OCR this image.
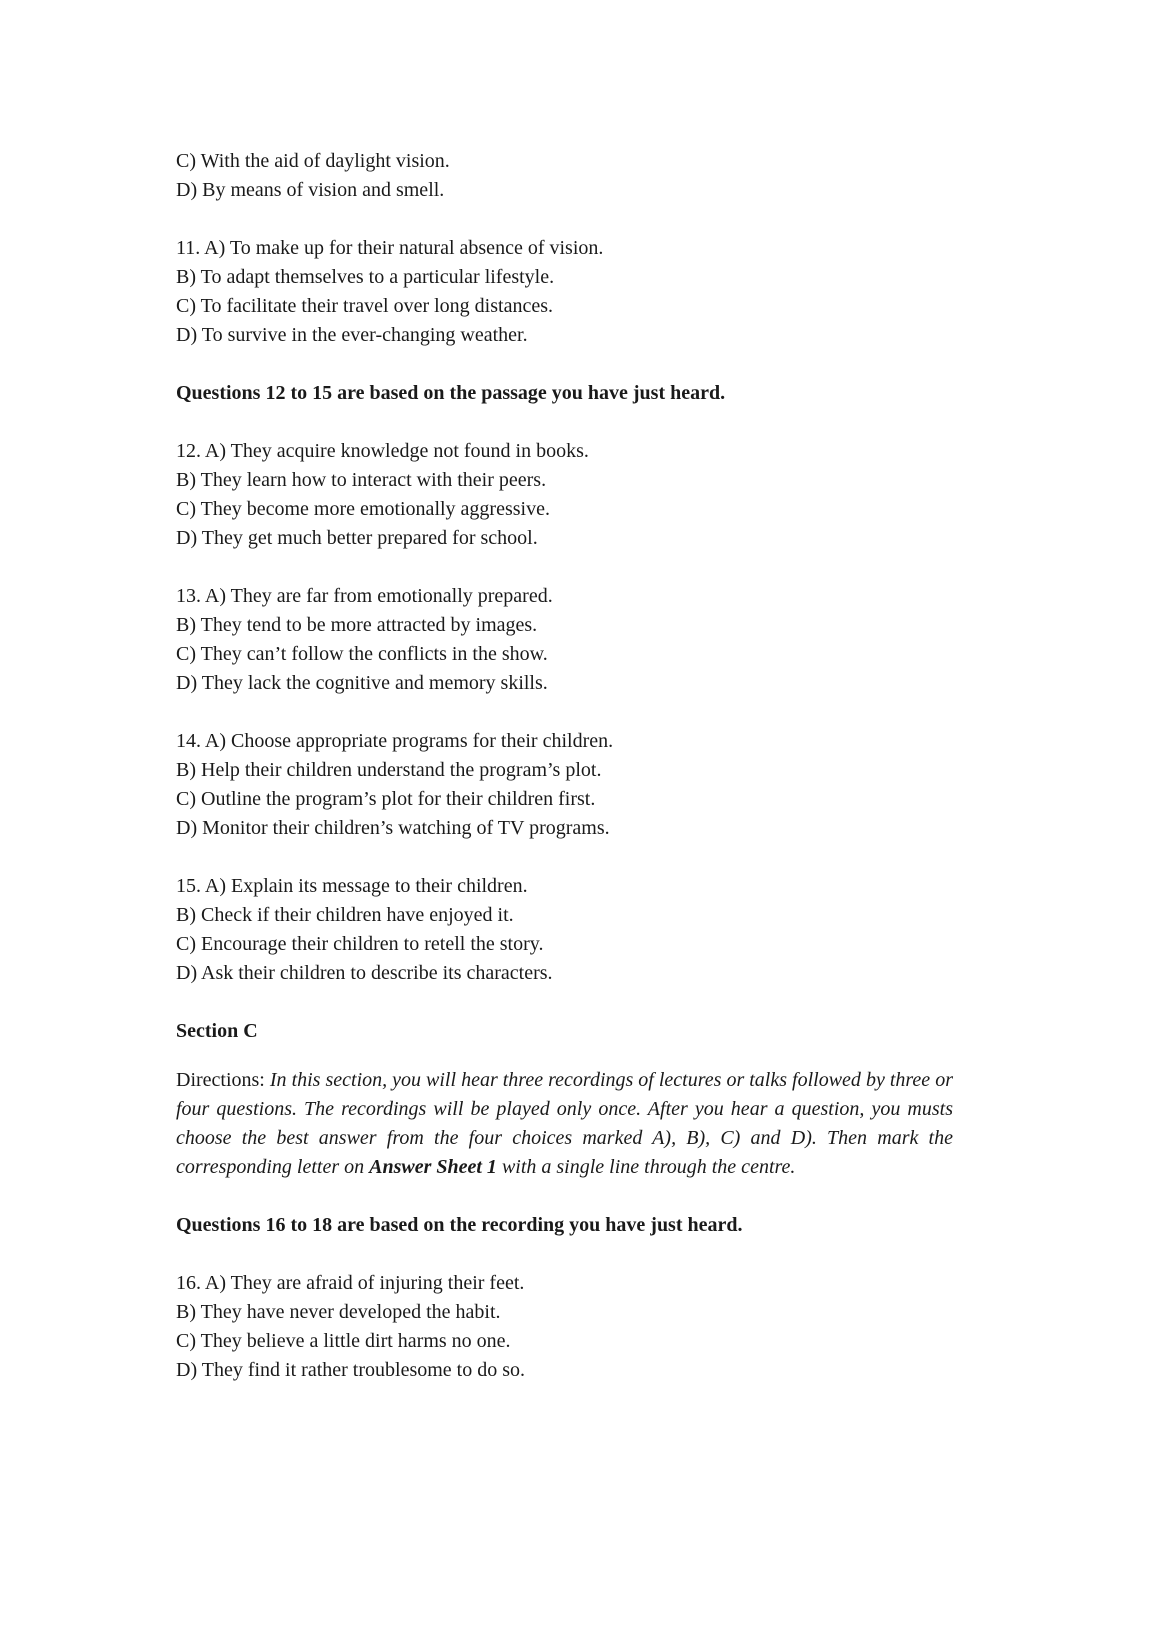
C) With the aid of daylight vision.

D) By means of vision and smell.

11. A) To make up for their natural absence of vision.

B) To adapt themselves to a particular lifestyle.

C) To facilitate their travel over long distances.

D) To survive in the ever-changing weather.

Questions 12 to 15 are based on the passage you have just heard.

12. A) They acquire knowledge not found in books.

B) They learn how to interact with their peers.

C) They become more emotionally aggressive.

D) They get much better prepared for school.

13. A) They are far from emotionally prepared.

B) They tend to be more attracted by images.

C) They can’t follow the conflicts in the show.

D) They lack the cognitive and memory skills.

14. A) Choose appropriate programs for their children.

B) Help their children understand the program’s plot.

C) Outline the program’s plot for their children first.

D) Monitor their children’s watching of TV programs.

15. A) Explain its message to their children.

B) Check if their children have enjoyed it.

C) Encourage their children to retell the story.

D) Ask their children to describe its characters.

Section C

Directions: In this section, you will hear three recordings of lectures or talks followed by three or four questions. The recordings will be played only once. After you hear a question, you musts choose the best answer from the four choices marked A), B), C) and D). Then mark the corresponding letter on Answer Sheet 1 with a single line through the centre.

Questions 16 to 18 are based on the recording you have just heard.

16. A) They are afraid of injuring their feet.

B) They have never developed the habit.

C) They believe a little dirt harms no one.

D) They find it rather troublesome to do so.
